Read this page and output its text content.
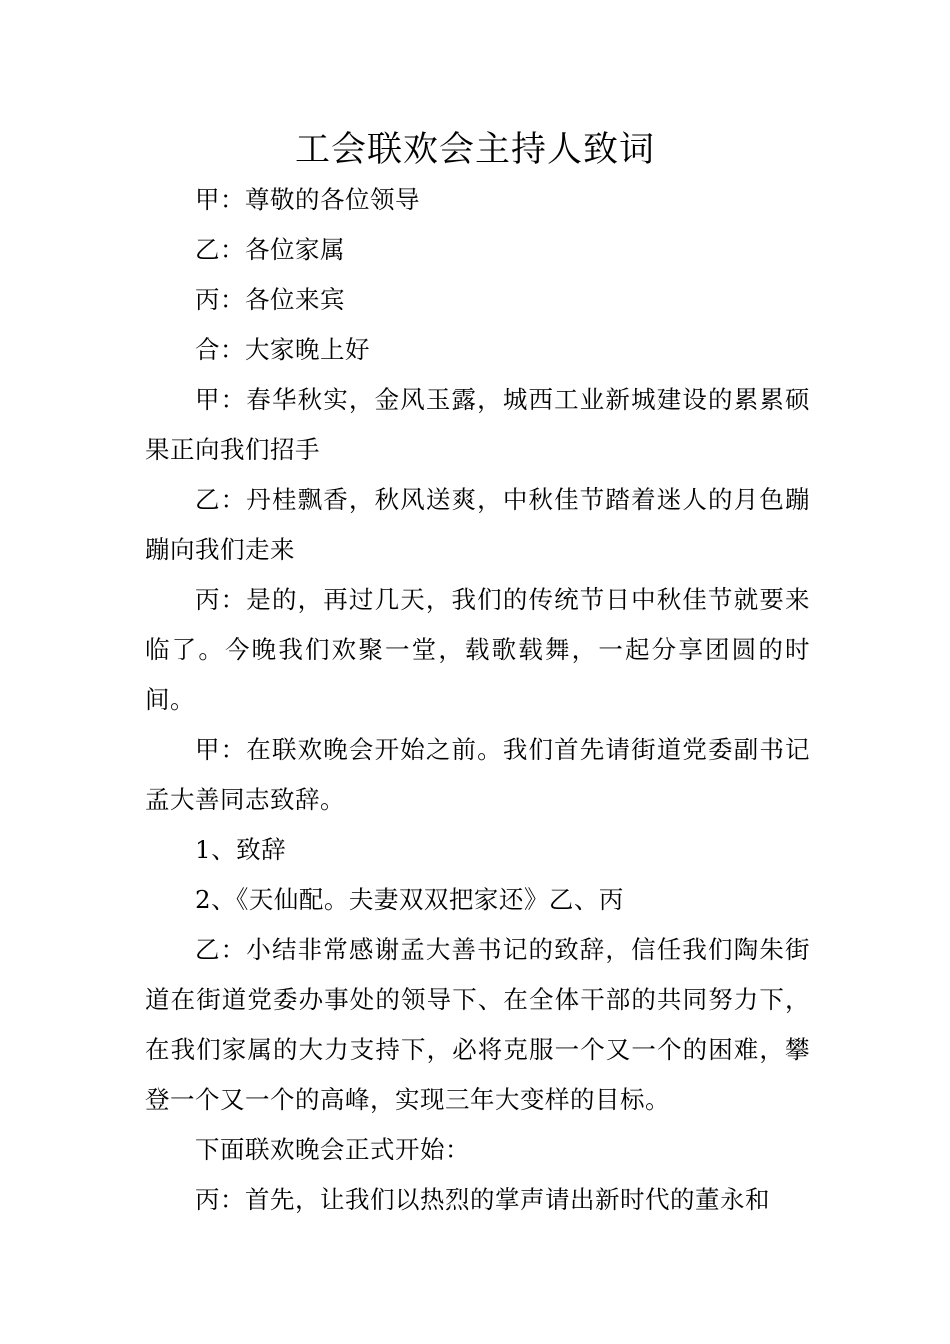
工会联欢会主持人致词

甲：尊敬的各位领导

乙：各位家属

丙：各位来宾

合：大家晚上好

甲：春华秋实，金风玉露，城西工业新城建设的累累硕果正向我们招手

乙：丹桂飘香，秋风送爽，中秋佳节踏着迷人的月色蹦蹦向我们走来

丙：是的，再过几天，我们的传统节日中秋佳节就要来临了。今晚我们欢聚一堂，载歌载舞，一起分享团圆的时间。

甲：在联欢晚会开始之前。我们首先请街道党委副书记孟大善同志致辞。

1、致辞

2、《天仙配。夫妻双双把家还》乙、丙

乙：小结非常感谢孟大善书记的致辞，信任我们陶朱街道在街道党委办事处的领导下、在全体干部的共同努力下，在我们家属的大力支持下，必将克服一个又一个的困难，攀登一个又一个的高峰，实现三年大变样的目标。

下面联欢晚会正式开始：

丙：首先，让我们以热烈的掌声请出新时代的董永和
